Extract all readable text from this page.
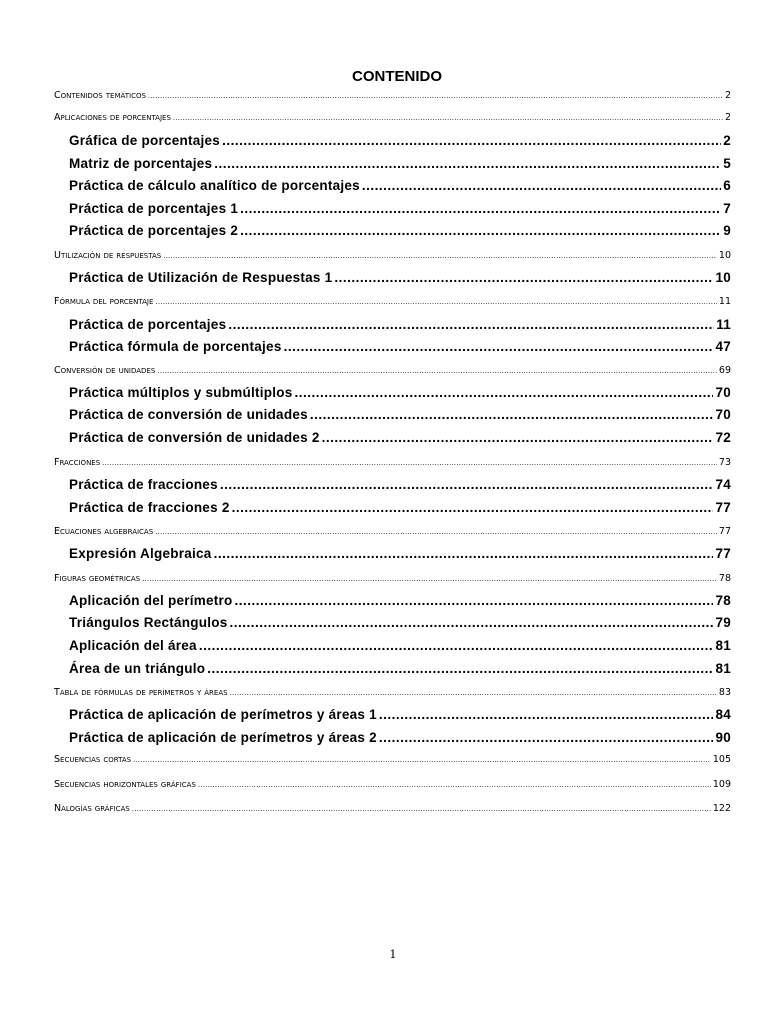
CONTENIDO
Contenidos temáticos .....	2
Aplicaciones de porcentajes .....	2
Gráfica de porcentajes .....	2
Matriz de porcentajes .....	5
Práctica de cálculo analítico de porcentajes .....	6
Práctica de porcentajes 1 .....	7
Práctica de porcentajes 2 .....	9
Utilización de respuestas .....	10
Práctica de Utilización de Respuestas 1 .....	10
Fórmula del porcentaje .....	11
Práctica de porcentajes .....	11
Práctica fórmula de porcentajes .....	47
Conversión de unidades .....	69
Práctica múltiplos y submúltiplos .....	70
Práctica de conversión de unidades .....	70
Práctica de conversión de unidades 2 .....	72
Fracciones .....	73
Práctica de fracciones .....	74
Práctica de fracciones 2 .....	77
Ecuaciones algebraicas .....	77
Expresión Algebraica .....	77
Figuras geométricas .....	78
Aplicación del perímetro .....	78
Triángulos Rectángulos .....	79
Aplicación del área .....	81
Área de un triángulo .....	81
Tabla de fórmulas de perímetros y áreas .....	83
Práctica de aplicación de perímetros y áreas 1 .....	84
Práctica de aplicación de perímetros y áreas 2 .....	90
Secuencias cortas .....	105
Secuencias horizontales gráficas .....	109
Nalogías gráficas .....	122
1
